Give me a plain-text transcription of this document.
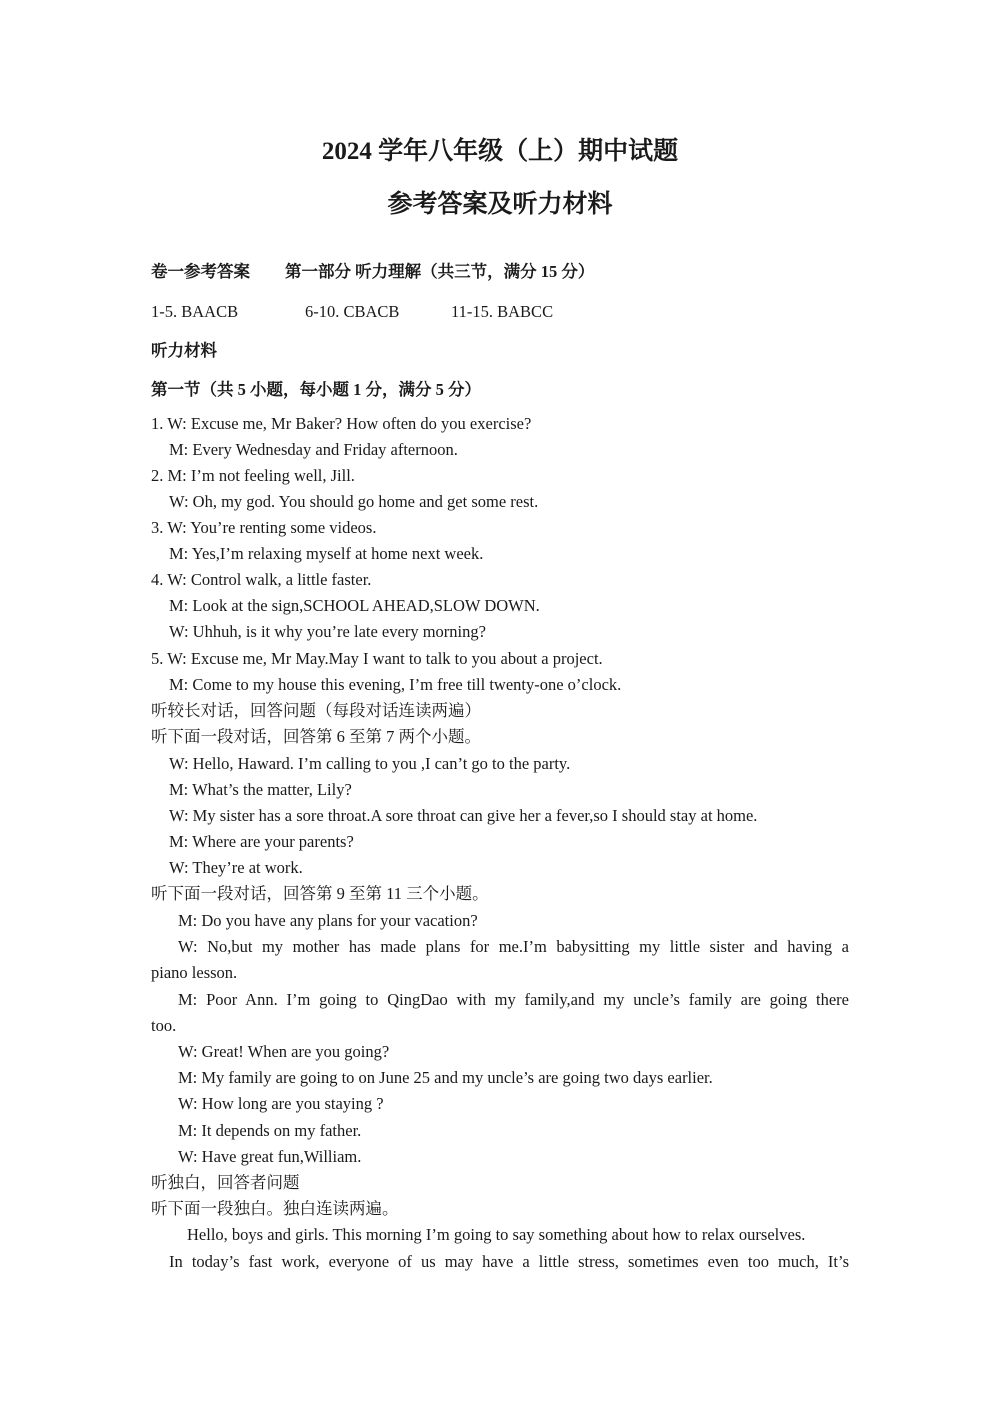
2024 学年八年级（上）期中试题
参考答案及听力材料
卷一参考答案 第一部分 听力理解（共三节，满分 15 分）
1-5. BAACB	6-10. CBACB	11-15. BABCC
听力材料
第一节（共 5 小题，每小题 1 分，满分 5 分）
1. W: Excuse me, Mr Baker? How often do you exercise?
M: Every Wednesday and Friday afternoon.
2. M: I’m not feeling well, Jill.
W: Oh, my god. You should go home and get some rest.
3. W: You’re renting some videos.
M: Yes,I’m relaxing myself at home next week.
4. W: Control walk, a little faster.
M: Look at the sign,SCHOOL AHEAD,SLOW DOWN.
W: Uhhuh, is it why you’re late every morning?
5. W: Excuse me, Mr May.May I want to talk to you about a project.
M: Come to my house this evening, I’m free till twenty-one o’clock.
听较长对话，回答问题（每段对话连读两遍）
听下面一段对话，回答第 6 至第 7 两个小题。
W: Hello, Haward. I’m calling to you ,I can’t go to the party.
M: What’s the matter, Lily?
W: My sister has a sore throat.A sore throat can give her a fever,so I should stay at home.
M: Where are your parents?
W: They’re at work.
听下面一段对话，回答第 9 至第 11 三个小题。
M: Do you have any plans for your vacation?
W: No,but my mother has made plans for me.I’m babysitting my little sister and having a
piano lesson.
M: Poor Ann. I’m going to QingDao with my family,and my uncle’s family are going there
too.
W: Great! When are you going?
M: My family are going to on June 25 and my uncle’s are going two days earlier.
W: How long are you staying ?
M: It depends on my father.
W: Have great fun,William.
听独白，回答者问题
听下面一段独白。独白连读两遍。
Hello, boys and girls. This morning I’m going to say something about how to relax ourselves.
In today’s fast work, everyone of us may have a little stress, sometimes even too much, It’s
